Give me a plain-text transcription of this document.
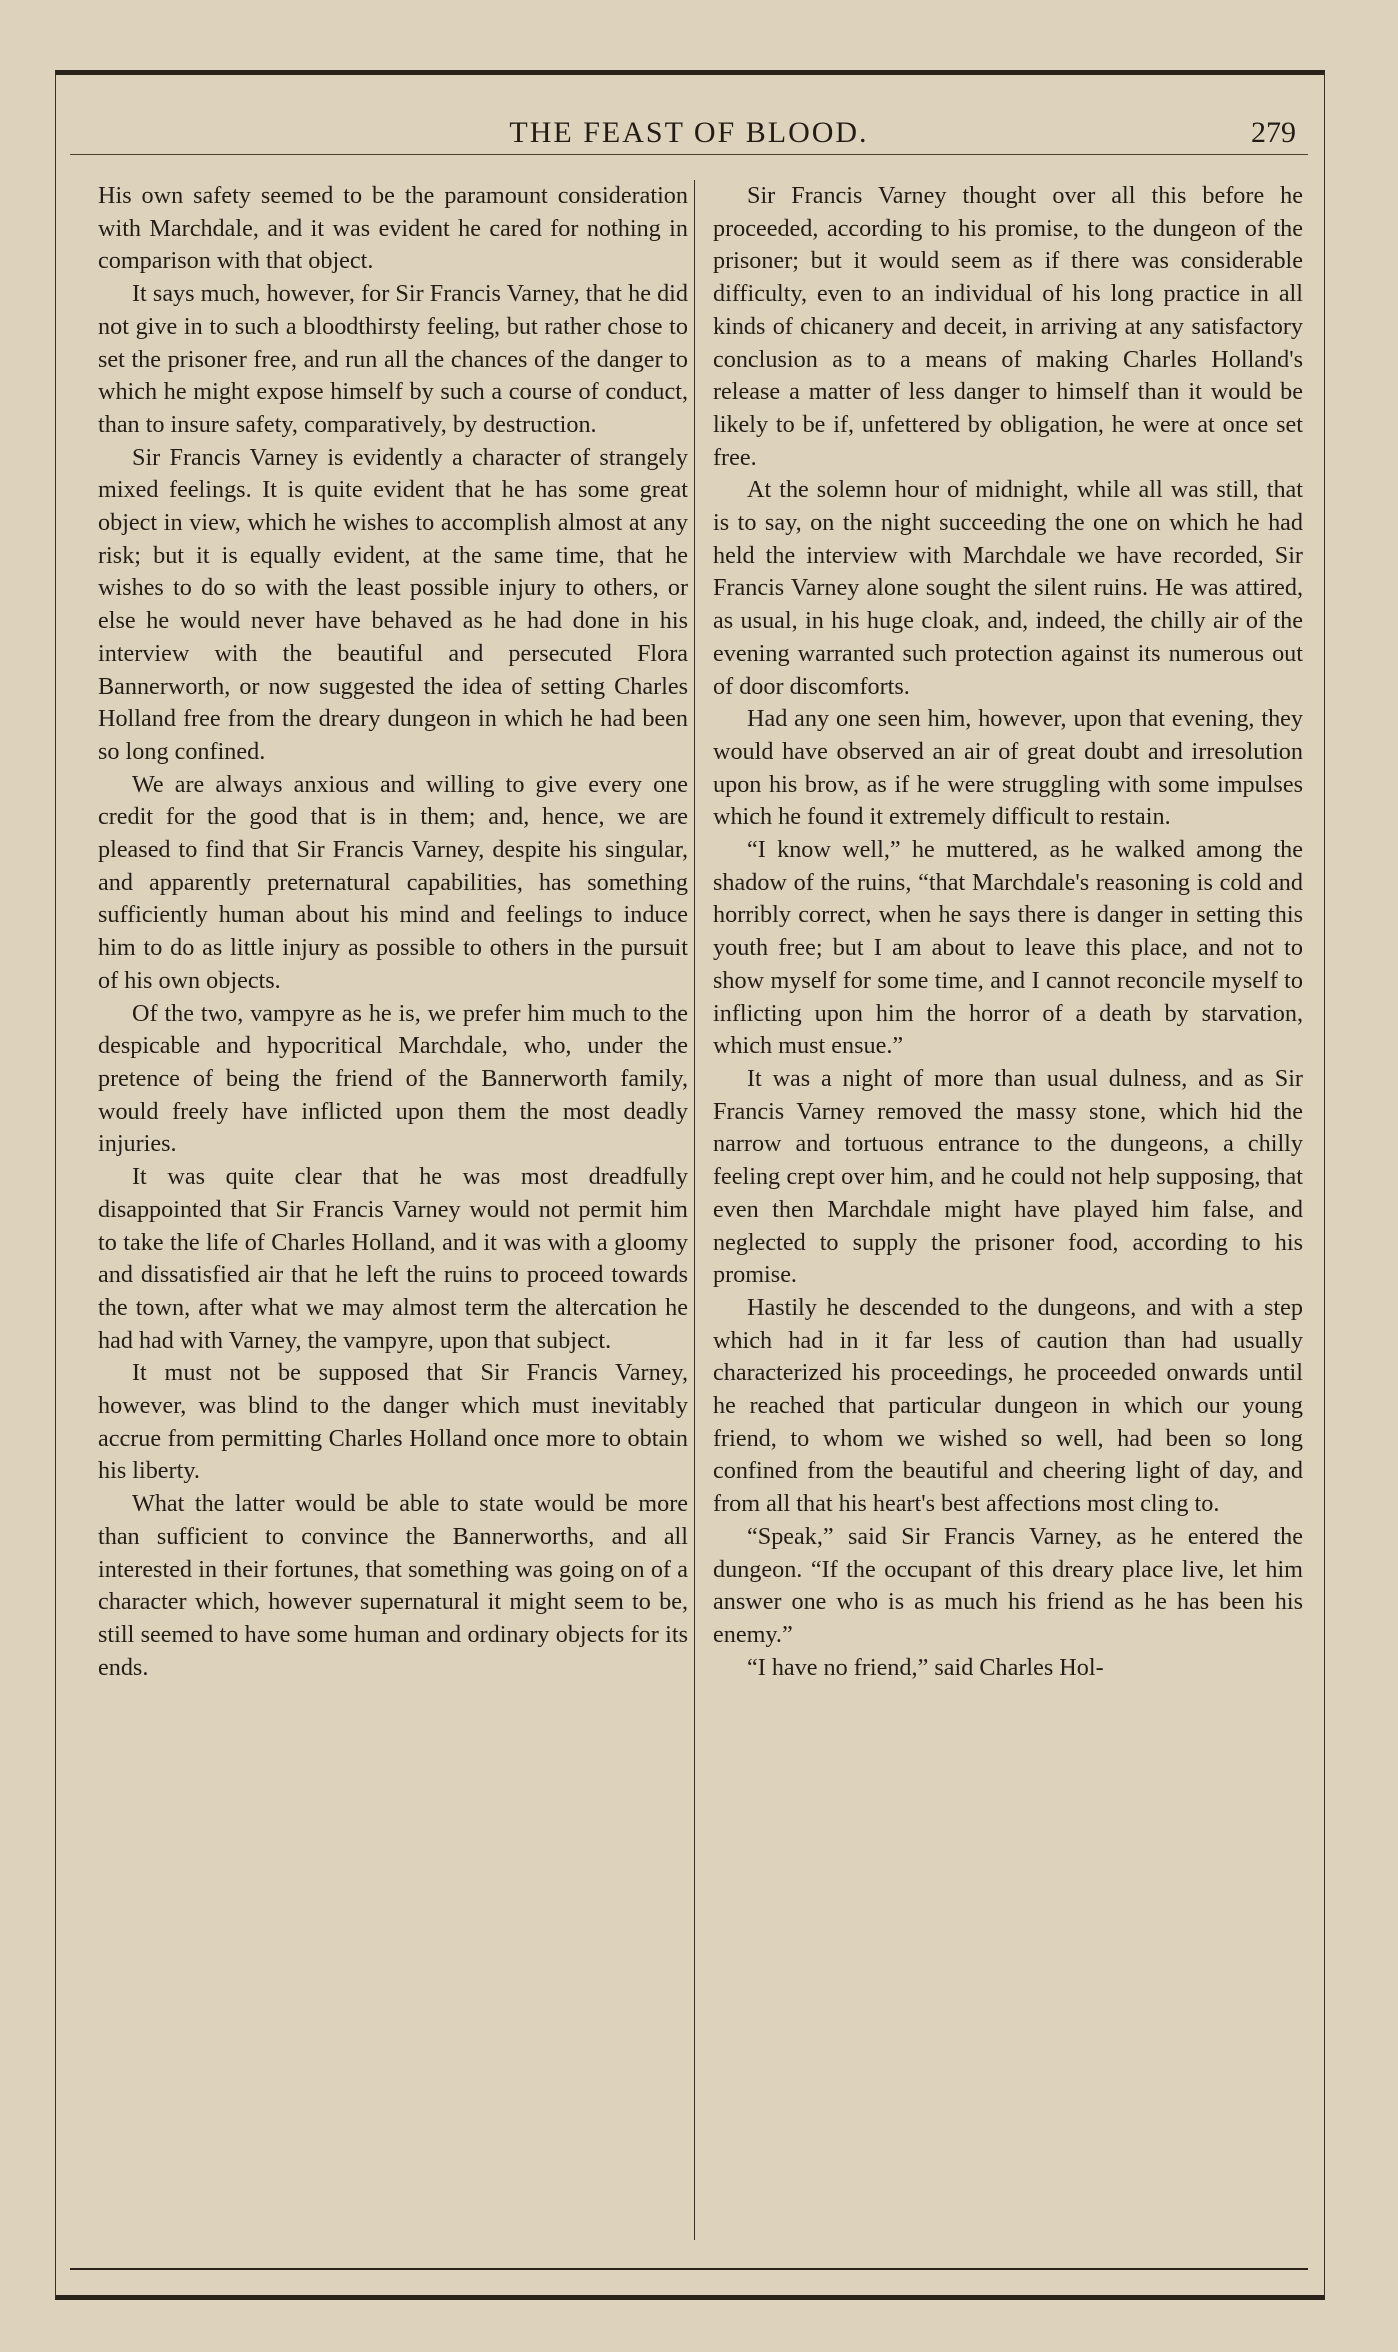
THE FEAST OF BLOOD.	279

His own safety seemed to be the paramount consideration with Marchdale, and it was evident he cared for nothing in comparison with that object.

It says much, however, for Sir Francis Varney, that he did not give in to such a bloodthirsty feeling, but rather chose to set the prisoner free, and run all the chances of the danger to which he might expose himself by such a course of conduct, than to insure safety, comparatively, by destruction.

Sir Francis Varney is evidently a character of strangely mixed feelings. It is quite evident that he has some great object in view, which he wishes to accomplish almost at any risk; but it is equally evident, at the same time, that he wishes to do so with the least possible injury to others, or else he would never have behaved as he had done in his interview with the beautiful and persecuted Flora Bannerworth, or now suggested the idea of setting Charles Holland free from the dreary dungeon in which he had been so long confined.

We are always anxious and willing to give every one credit for the good that is in them; and, hence, we are pleased to find that Sir Francis Varney, despite his singular, and apparently preternatural capabilities, has something sufficiently human about his mind and feelings to induce him to do as little injury as possible to others in the pursuit of his own objects.

Of the two, vampyre as he is, we prefer him much to the despicable and hypocritical Marchdale, who, under the pretence of being the friend of the Bannerworth family, would freely have inflicted upon them the most deadly injuries.

It was quite clear that he was most dreadfully disappointed that Sir Francis Varney would not permit him to take the life of Charles Holland, and it was with a gloomy and dissatisfied air that he left the ruins to proceed towards the town, after what we may almost term the altercation he had had with Varney, the vampyre, upon that subject.

It must not be supposed that Sir Francis Varney, however, was blind to the danger which must inevitably accrue from permitting Charles Holland once more to obtain his liberty.

What the latter would be able to state would be more than sufficient to convince the Bannerworths, and all interested in their fortunes, that something was going on of a character which, however supernatural it might seem to be, still seemed to have some human and ordinary objects for its ends.

Sir Francis Varney thought over all this before he proceeded, according to his promise, to the dungeon of the prisoner; but it would seem as if there was considerable difficulty, even to an individual of his long practice in all kinds of chicanery and deceit, in arriving at any satisfactory conclusion as to a means of making Charles Holland's release a matter of less danger to himself than it would be likely to be if, unfettered by obligation, he were at once set free.

At the solemn hour of midnight, while all was still, that is to say, on the night succeeding the one on which he had held the interview with Marchdale we have recorded, Sir Francis Varney alone sought the silent ruins. He was attired, as usual, in his huge cloak, and, indeed, the chilly air of the evening warranted such protection against its numerous out of door discomforts.

Had any one seen him, however, upon that evening, they would have observed an air of great doubt and irresolution upon his brow, as if he were struggling with some impulses which he found it extremely difficult to restain.

“I know well,” he muttered, as he walked among the shadow of the ruins, “that Marchdale's reasoning is cold and horribly correct, when he says there is danger in setting this youth free; but I am about to leave this place, and not to show myself for some time, and I cannot reconcile myself to inflicting upon him the horror of a death by starvation, which must ensue.”

It was a night of more than usual dulness, and as Sir Francis Varney removed the massy stone, which hid the narrow and tortuous entrance to the dungeons, a chilly feeling crept over him, and he could not help supposing, that even then Marchdale might have played him false, and neglected to supply the prisoner food, according to his promise.

Hastily he descended to the dungeons, and with a step which had in it far less of caution than had usually characterized his proceedings, he proceeded onwards until he reached that particular dungeon in which our young friend, to whom we wished so well, had been so long confined from the beautiful and cheering light of day, and from all that his heart's best affections most cling to.

“Speak,” said Sir Francis Varney, as he entered the dungeon. “If the occupant of this dreary place live, let him answer one who is as much his friend as he has been his enemy.”

“I have no friend,” said Charles Hol-
